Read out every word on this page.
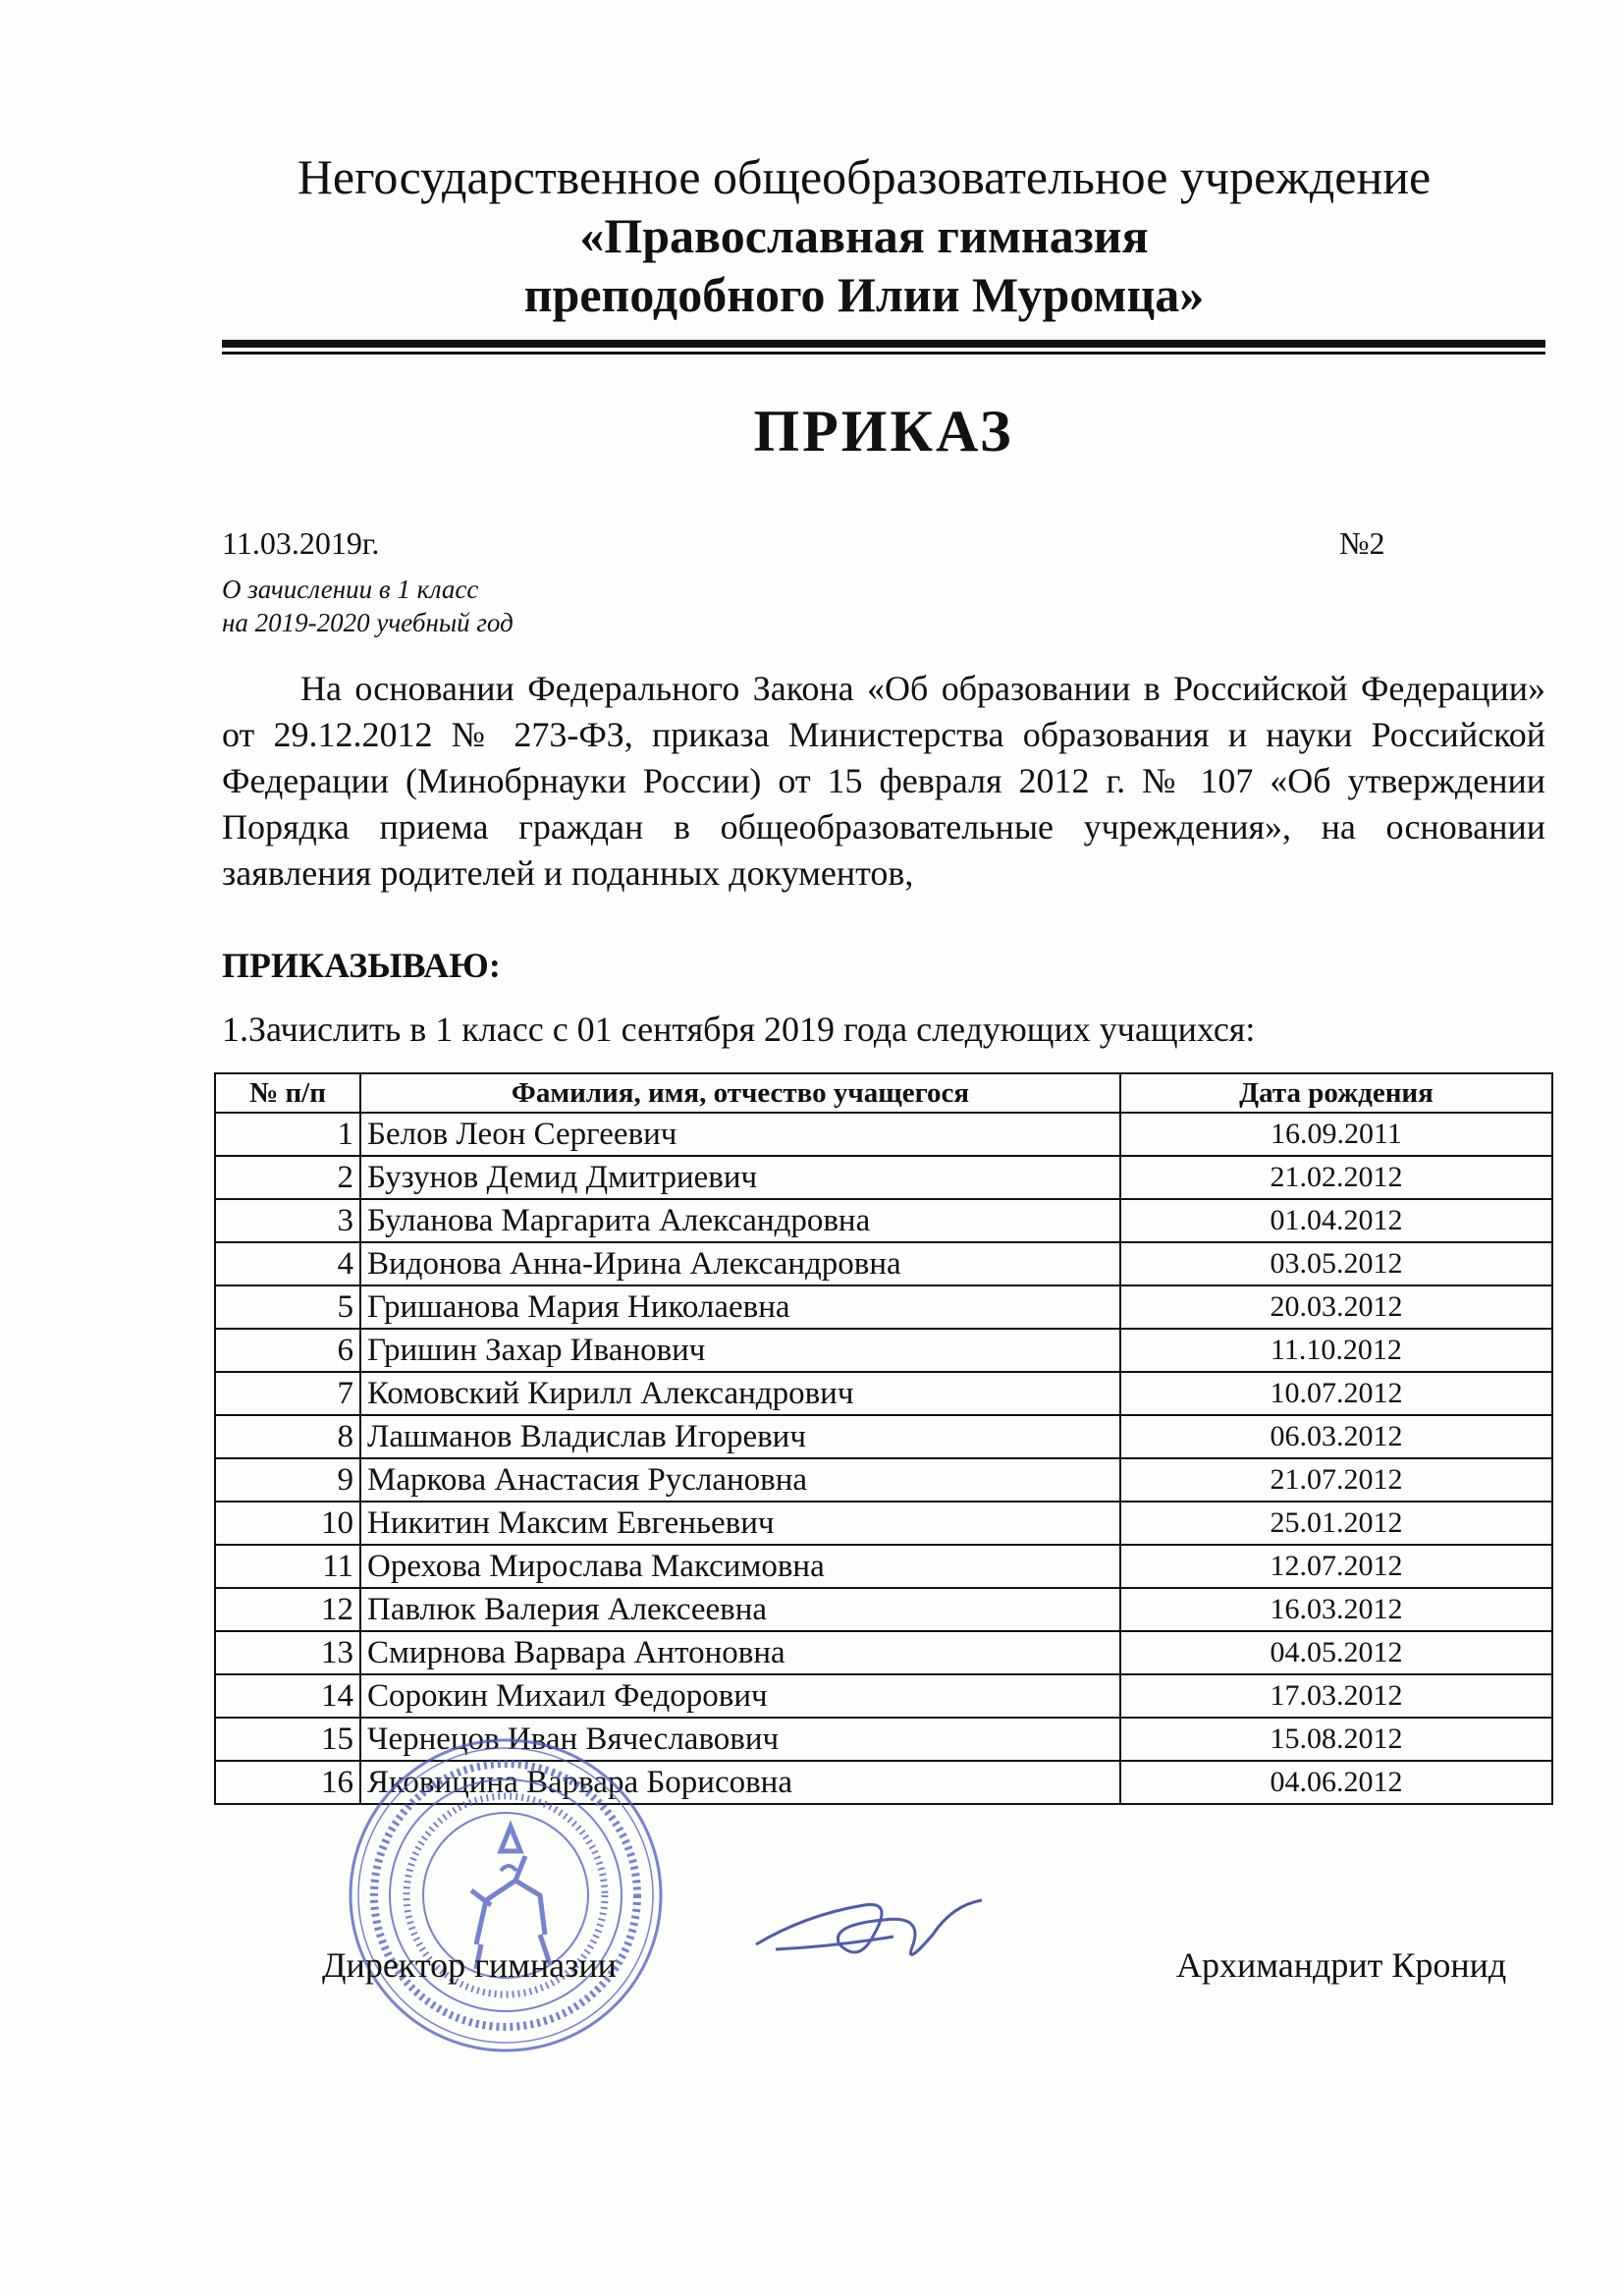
Негосударственное общеобразовательное учреждение
«Православная гимназия
преподобного Илии Муромца»
ПРИКАЗ
11.03.2019г.	№2
О зачислении в 1 класс
на 2019-2020 учебный год
На основании Федерального Закона «Об образовании в Российской Федерации» от 29.12.2012 № 273-ФЗ, приказа Министерства образования и науки Российской Федерации (Минобрнауки России) от 15 февраля 2012 г. № 107 «Об утверждении Порядка приема граждан в общеобразовательные учреждения», на основании заявления родителей и поданных документов,
ПРИКАЗЫВАЮ:
1.Зачислить в 1 класс с 01 сентября 2019 года следующих учащихся:
№ п/п	Фамилия, имя, отчество учащегося	Дата рождения
1	Белов Леон Сергеевич	16.09.2011
2	Бузунов Демид Дмитриевич	21.02.2012
3	Буланова Маргарита Александровна	01.04.2012
4	Видонова Анна-Ирина Александровна	03.05.2012
5	Гришанова Мария Николаевна	20.03.2012
6	Гришин Захар Иванович	11.10.2012
7	Комовский Кирилл Александрович	10.07.2012
8	Лашманов Владислав Игоревич	06.03.2012
9	Маркова Анастасия Руслановна	21.07.2012
10	Никитин Максим Евгеньевич	25.01.2012
11	Орехова Мирослава Максимовна	12.07.2012
12	Павлюк Валерия Алексеевна	16.03.2012
13	Смирнова Варвара Антоновна	04.05.2012
14	Сорокин Михаил Федорович	17.03.2012
15	Чернецов Иван Вячеславович	15.08.2012
16	Яковицина Варвара Борисовна	04.06.2012
Директор гимназии	Архимандрит Кронид
